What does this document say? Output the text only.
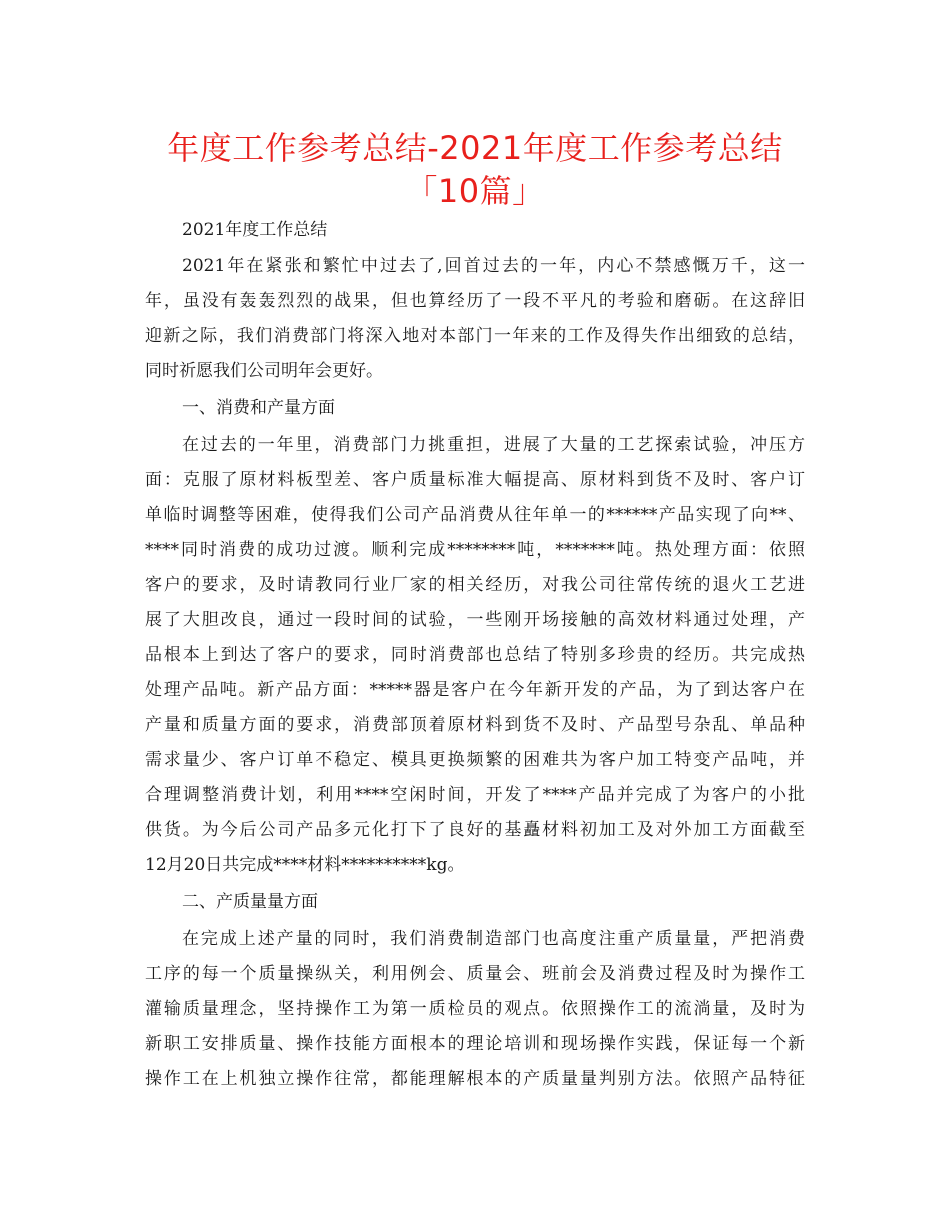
年度工作参考总结-2021年度工作参考总结
「10篇」

2021年度工作总结

2021年在紧张和繁忙中过去了,回首过去的一年，内心不禁感慨万千，这一

年，虽没有轰轰烈烈的战果，但也算经历了一段不平凡的考验和磨砺。在这辞旧

迎新之际，我们消费部门将深入地对本部门一年来的工作及得失作出细致的总结，

同时祈愿我们公司明年会更好。

一、消费和产量方面

在过去的一年里，消费部门力挑重担，进展了大量的工艺探索试验，冲压方

面：克服了原材料板型差、客户质量标准大幅提高、原材料到货不及时、客户订

单临时调整等困难，使得我们公司产品消费从往年单一的******产品实现了向**、

****同时消费的成功过渡。顺利完成********吨，*******吨。热处理方面：依照

客户的要求，及时请教同行业厂家的相关经历，对我公司往常传统的退火工艺进

展了大胆改良，通过一段时间的试验，一些刚开场接触的高效材料通过处理，产

品根本上到达了客户的要求，同时消费部也总结了特别多珍贵的经历。共完成热

处理产品吨。新产品方面：*****器是客户在今年新开发的产品，为了到达客户在

产量和质量方面的要求，消费部顶着原材料到货不及时、产品型号杂乱、单品种

需求量少、客户订单不稳定、模具更换频繁的困难共为客户加工特变产品吨，并

合理调整消费计划，利用****空闲时间，开发了****产品并完成了为客户的小批

供货。为今后公司产品多元化打下了良好的基矗材料初加工及对外加工方面截至

12月20日共完成****材料**********kg。

二、产质量量方面

在完成上述产量的同时，我们消费制造部门也高度注重产质量量，严把消费

工序的每一个质量操纵关，利用例会、质量会、班前会及消费过程及时为操作工

灌输质量理念，坚持操作工为第一质检员的观点。依照操作工的流淌量，及时为

新职工安排质量、操作技能方面根本的理论培训和现场操作实践，保证每一个新

操作工在上机独立操作往常，都能理解根本的产质量量判别方法。依照产品特征
